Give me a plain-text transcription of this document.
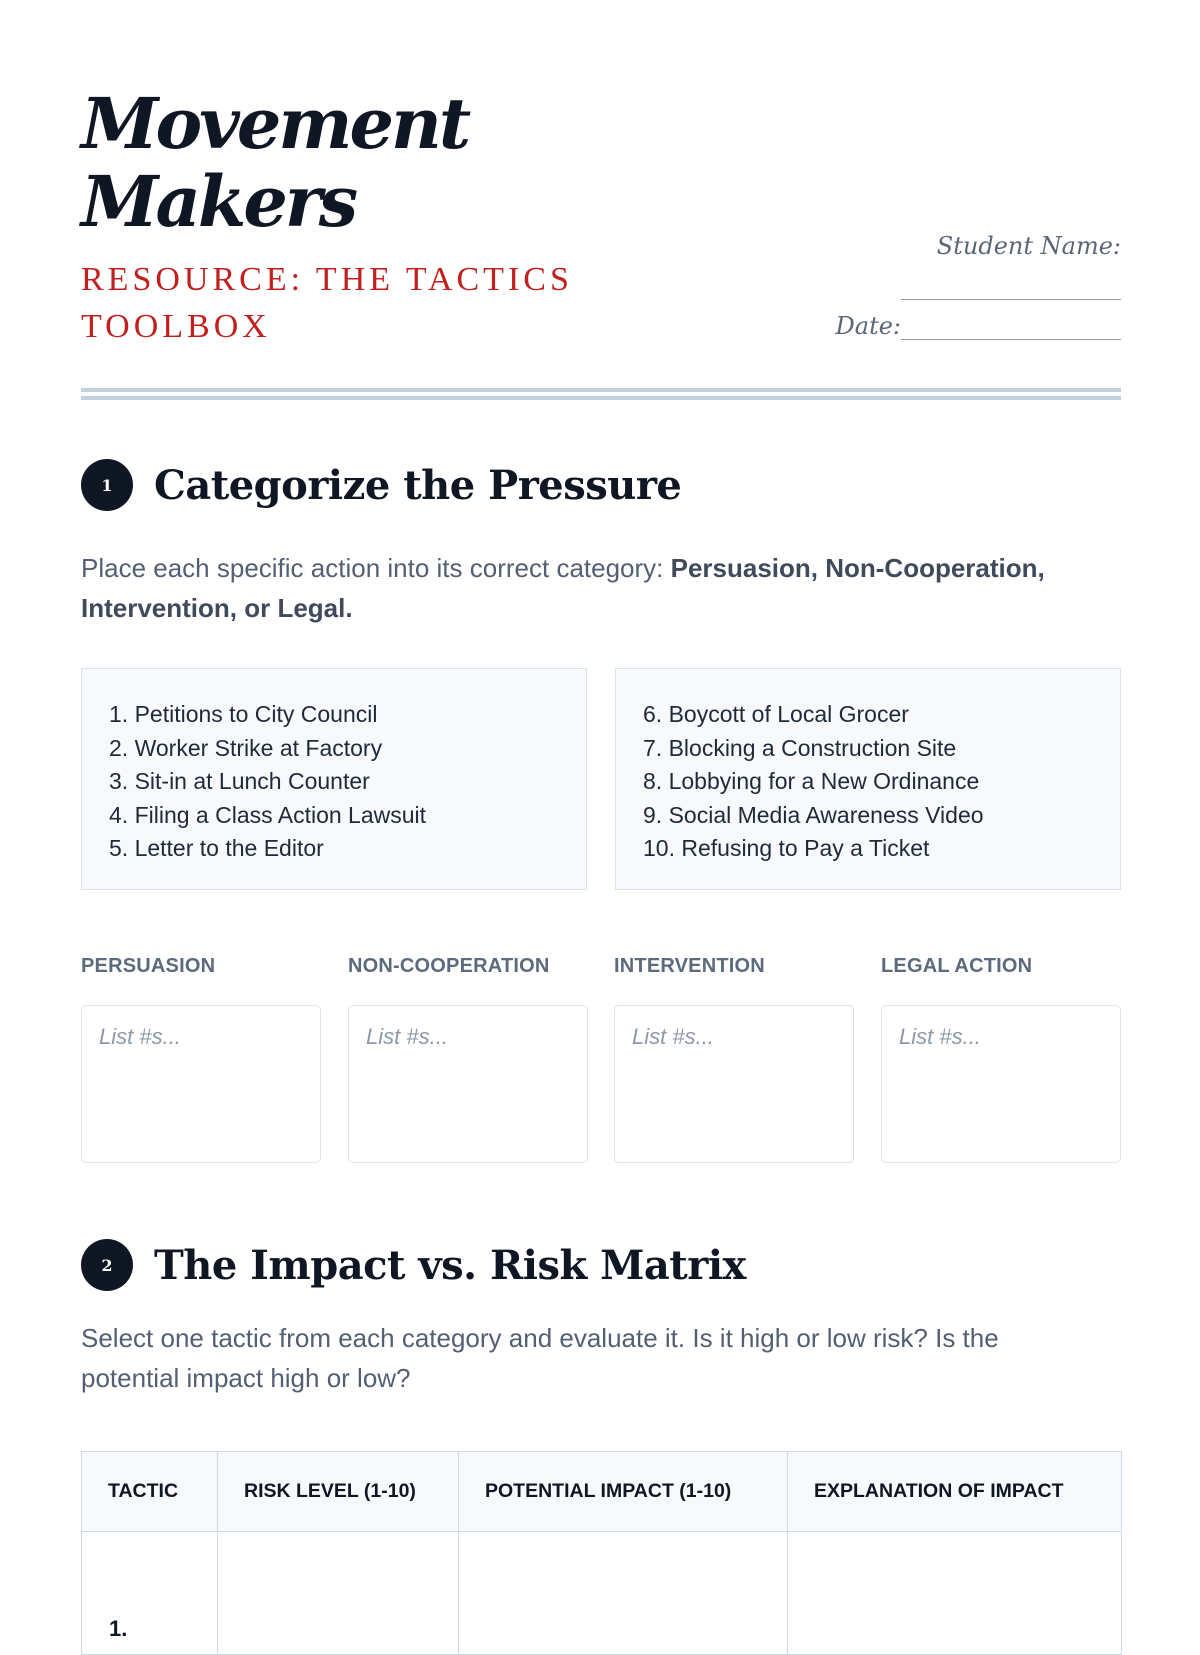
Movement Makers
RESOURCE: THE TACTICS TOOLBOX
Student Name:
Date:
1	Categorize the Pressure

Place each specific action into its correct category: Persuasion, Non-Cooperation, Intervention, or Legal.

1. Petitions to City Council
2. Worker Strike at Factory
3. Sit-in at Lunch Counter
4. Filing a Class Action Lawsuit
5. Letter to the Editor
6. Boycott of Local Grocer
7. Blocking a Construction Site
8. Lobbying for a New Ordinance
9. Social Media Awareness Video
10. Refusing to Pay a Ticket
PERSUASION
List #s...
NON-COOPERATION
List #s...
INTERVENTION
List #s...
LEGAL ACTION
List #s...
2	The Impact vs. Risk Matrix

Select one tactic from each category and evaluate it. Is it high or low risk? Is the potential impact high or low?

TACTIC	RISK LEVEL (1-10)	POTENTIAL IMPACT (1-10)	EXPLANATION OF IMPACT
1.			
